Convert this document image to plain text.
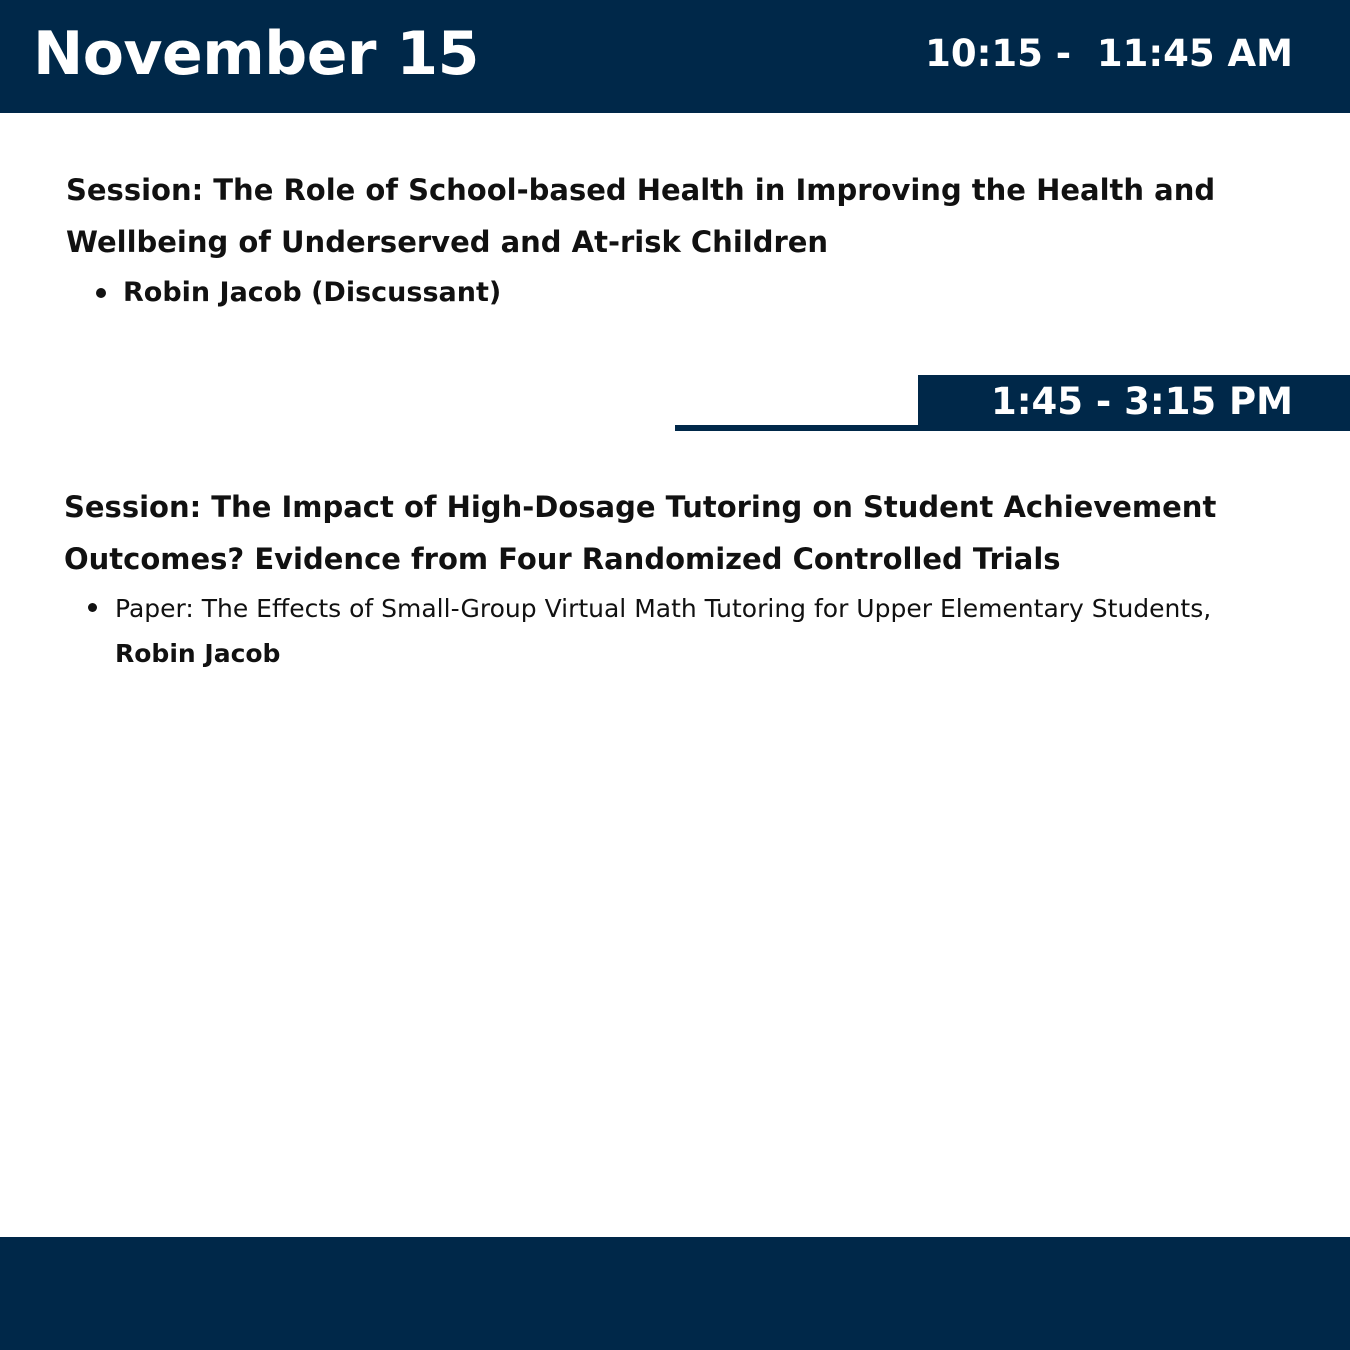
November 15	10:15 -  11:45 AM
Session: The Role of School-based Health in Improving the Health and Wellbeing of Underserved and At-risk Children
Robin Jacob (Discussant)
1:45 - 3:15 PM
Session: The Impact of High-Dosage Tutoring on Student Achievement Outcomes? Evidence from Four Randomized Controlled Trials
Paper: The Effects of Small-Group Virtual Math Tutoring for Upper Elementary Students, Robin Jacob
